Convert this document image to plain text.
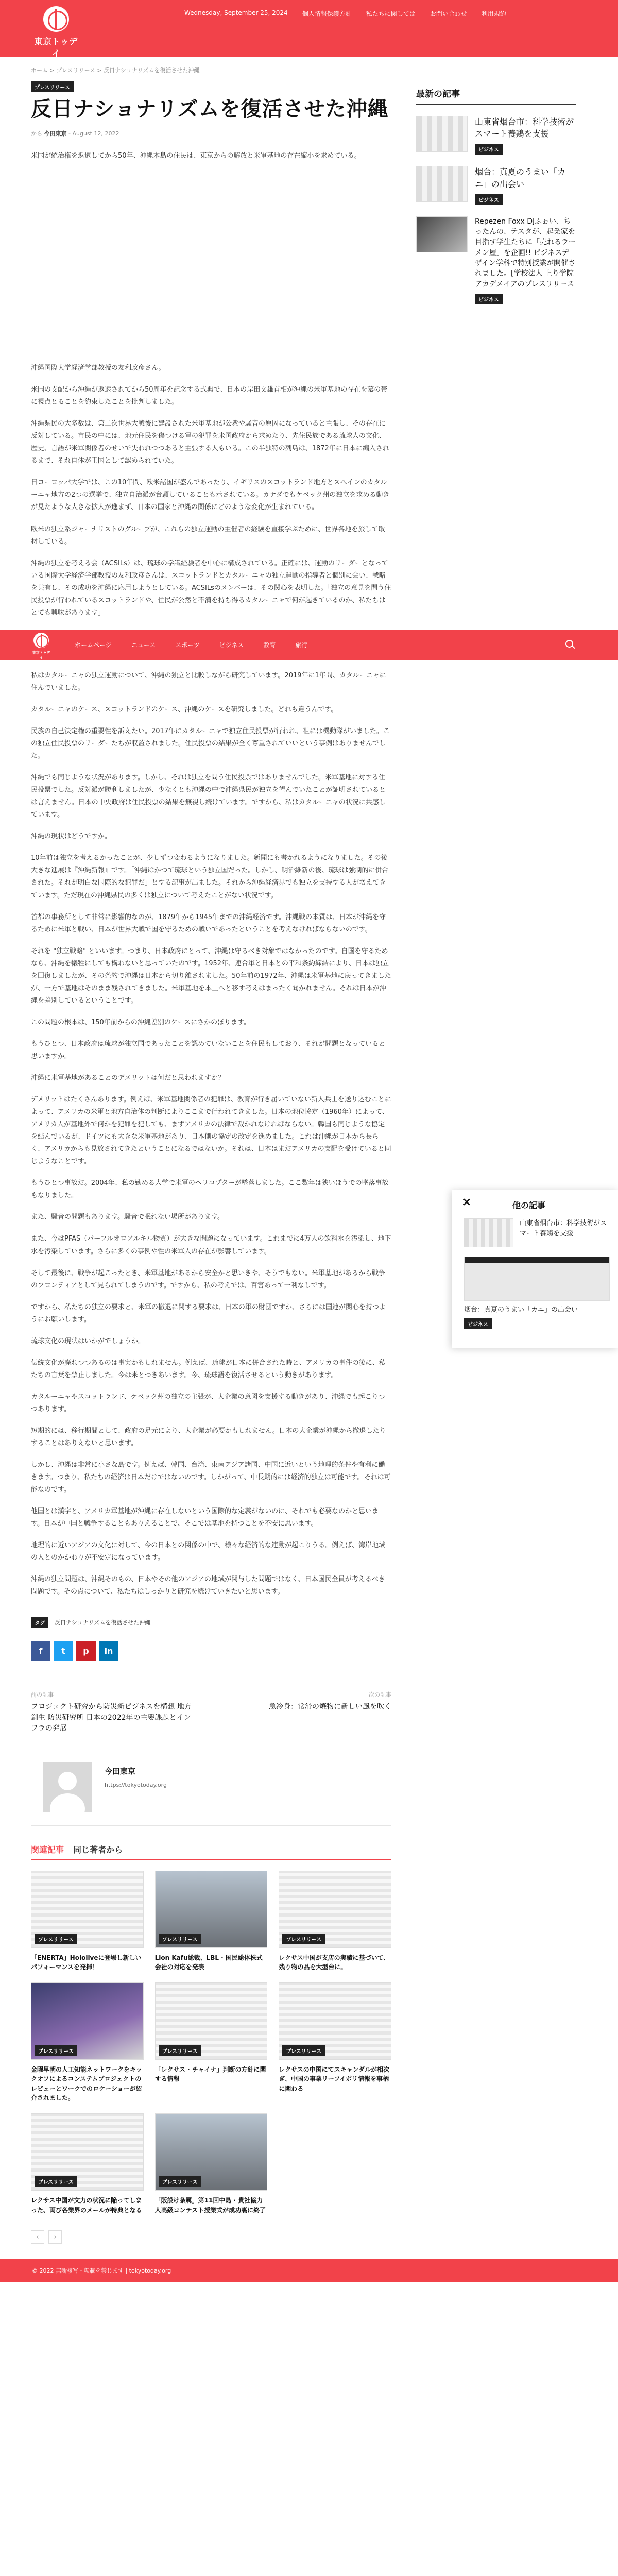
東京トゥデイ
Wednesday, September 25, 2024 個人情報保護方針 私たちに関しては お問い合わせ 利用規約
ホーム > プレスリリース > 反日ナショナリズムを復活させた沖縄
プレスリリース
反日ナショナリズムを復活させた沖縄
から 今田東京 - August 12, 2022

米国が統治権を返還してから50年、沖縄本島の住民は、東京からの解放と米軍基地の存在縮小を求めている。

沖縄国際大学経済学部教授の友利政彦さん。

米国の支配から沖縄が返還されてから50周年を記念する式典で、日本の岸田文雄首相が沖縄の米軍基地の存在を慕の帯に視点とることを約束したことを批判しました。

沖縄県民の大多数は、第二次世界大戦後に建設された米軍基地が公衆や騒音の原因になっていると主張し、その存在に反対している。市民の中には、地元住民を傷つける軍の犯罪を米国政府から求めたり、先住民族である琉球人の文化、歴史、言語が米軍関係者のせいで失われつつあると主張する人もいる。この半独特の列島は、1872年に日本に編入されるまで、それ自体が王国として認められていた。

日コーロッパ大学では、この10年間、欧米諸国が盛んであったり、イギリスのスコットランド地方とスペインのカタルーニャ地方の2つの選挙で、独立自治派が台頭していることも示されている。カナダでもケベック州の独立を求める動きが見たような大きな拡大が進まず、日本の国家と沖縄の関係にどのような変化が生まれている。

欧米の独立系ジャーナリストのグループが、これらの独立運動の主催者の経験を直接学ぶために、世界各地を旅して取材している。

沖縄の独立を考える会（ACSILs）は、琉球の学識経験者を中心に構成されている。正確には、運動のリーダーとなっている国際大学経済学部教授の友利政彦さんは、スコットランドとカタルーニャの独立運動の指導者と個別に会い、戦略を共有し、その成功を沖縄に応用しようとしている。ACSILsのメンバーは、その関心を表明した。「独立の意見を問う住民投票が行われているスコットランドや、住民が公然と不満を持ち得るカタルーニャで何が起きているのか、私たちはとても興味があります」

最新の記事
山東省烟台市：科学技術がスマート養鶏を支援
ビジネス
烟台：真夏のうまい「カニ」の出会い
ビジネス
Repezen Foxx DJふぉい、ちったんの、テスタが、起業家を目指す学生たちに「売れるラーメン屋」を企画!! ビジネスデザイン学科で特別授業が開催されました。[学校法人 上り学院アカデメイアのプレスリリース
ビジネス
東京トゥデイ
ホームページ	ニュース	スポーツ	ビジネス	教育	旅行

私はカタルーニャの独立運動について、沖縄の独立と比較しながら研究しています。2019年に1年間、カタルーニャに住んでいました。

カタルーニャのケース、スコットランドのケース、沖縄のケースを研究しました。どれも違うんです。

民族の自己決定権の重要性を訴えたい。2017年にカタルーニャで独立住民投票が行われ、祖には機動隊がいました。この独立住民投票のリーダーたちが収監されました。住民投票の結果が全く尊重されていいという事例はありませんでした。

沖縄でも同じような状況があります。しかし、それは独立を問う住民投票ではありませんでした。米軍基地に対する住民投票でした。反対派が勝利しましたが、少なくとも沖縄の中で沖縄県民が独立を望んでいたことが証明されているとは言えません。日本の中央政府は住民投票の結果を無視し続けています。ですから、私はカタルーニャの状況に共感しています。

沖縄の現状はどうですか。

10年前は独立を考えるかったことが、少しずつ変わるようになりました。新聞にも書かれるようになりました。その後大きな進展は『沖縄新報』です。「沖縄はかつて琉球という独立国だった。しかし、明治維新の後、琉球は強制的に併合された。それが明白な国際的な犯罪だ」とする記事が出ました。それから沖縄経済界でも独立を支持する人が増えてきています。ただ現在の沖縄県民の多くは独立について考えたことがない状況です。

首都の事務所として非常に影響的なのが、1879年から1945年までの沖縄経済です。沖縄戦の本質は、日本が沖縄を守るために米軍と戦い、日本が世界大戦で国を守るための戦いであったということを考えなければならないのです。

それを "独立戦略" といいます。つまり、日本政府にとって、沖縄は守るべき対象ではなかったのです。自国を守るためなら、沖縄を犠牲にしても構わないと思っていたのです。1952年、連合軍と日本との平和条約締結により、日本は独立を回復しましたが、その条約で沖縄は日本から切り離されました。50年前の1972年、沖縄は米軍基地に戻ってきましたが、一方で基地はそのまま残されてきました。米軍基地を本土へと移す考えはまったく聞かれません。それは日本が沖縄を差別しているということです。

この問題の根本は、150年前からの沖縄差別のケースにさかのぼります。

もうひとつ、日本政府は琉球が独立国であったことを認めていないことを住民もしており、それが問題となっていると思いますか。

沖縄に米軍基地があることのデメリットは何だと思われますか？

デメリットはたくさんあります。例えば、米軍基地関係者の犯罪は、教育が行き届いていない新人兵士を送り込むことによって、アメリカの米軍と地方自治体の判断によりここまで行われてきました。日本の地位協定（1960年）によって、アメリカ人が基地外で何かを犯罪を犯しても、まずアメリカの法律で裁かれなければならない。韓国も同じような協定を結んでいるが、ドイツにも大きな米軍基地があり、日本側の協定の改定を進めました。これは沖縄が日本から長らく、アメリカからも見放されてきたということになるではないか。それは、日本はまだアメリカの支配を受けていると同じようなことです。

もうひとつ事故だ。2004年、私の勤める大学で米軍のヘリコプターが墜落しました。ここ数年は狭いほうでの墜落事故もなりました。

また、騒音の問題もあります。騒音で眠れない場所があります。

また、今はPFAS（パーフルオロアルキル物質）が大きな問題になっています。これまでに4万人の飲料水を汚染し、地下水を汚染しています。さらに多くの事例や性の米軍人の存在が影響しています。

そして最後に、戦争が起こったとき、米軍基地があるから安全かと思いきや、そうでもない。米軍基地があるから戦争のフロンティアとして見られてしまうのです。ですから、私の考えでは、百害あって一利なしです。

ですから、私たちの独立の要求と、米軍の撤退に関する要求は、日本の軍の財団ですか、さらには国連が関心を持つようにお願いします。

琉球文化の現状はいかがでしょうか。

伝統文化が廃れつつあるのは事実かもしれません。例えば、琉球が日本に併合された時と、アメリカの事件の後に、私たちの言葉を禁止しました。今は米とつきあいます。今、琉球語を復活させるという動きがあります。

カタルーニャやスコットランド、ケベック州の独立の主張が、大企業の意図を支援する動きがあり、沖縄でも起こりつつあります。

短期的には、移行期間として、政府の足元により、大企業が必要かもしれません。日本の大企業が沖縄から撤退したりすることはありえないと思います。

しかし、沖縄は非常に小さな島です。例えば、韓国、台湾、東南アジア諸国、中国に近いという地理的条件や有利に働きます。つまり、私たちの経済は日本だけではないのです。しかがって、中長期的には経済的独立は可能です。それは可能なのです。

他国とは漢字と、アメリカ軍基地が沖縄に存在しないという国際的な定義がないのに、それでも必要なのかと思います。日本が中国と戦争することもありえることで、そこでは基地を持つことを不安に思います。

地理的に近いアジアの文化に対して、今の日本との関係の中で、様々な経済的な連動が起こりうる。例えば、湾岸地域の人とのかかわりが不安定になっています。

沖縄の独立問題は、沖縄そのもの、日本やその他のアジアの地域が関与した問題ではなく、日本国民全員が考えるべき問題です。その点について、私たちはしっかりと研究を続けていきたいと思います。

タグ	反日ナショナリズムを復活させた沖縄
f	t	p	in
前の記事
プロジェクト研究から防災新ビジネスを構想 地方創生 防災研究所 日本の2022年の主要課題とインフラの発展
次の記事
急冷身：常滑の焼物に新しい風を吹く
今田東京
https://tokyotoday.org
関連記事 同じ著者から
プレスリリース
「ENERTA」Hololiveに登場し新しいパフォーマンスを発揮！
プレスリリース
Lion Kafu総裁、LBL · 国民総体株式会社の対応を発表
プレスリリース
レクサス中国が支店の実績に基づいて、残り物の品を大型台に。
プレスリリース
金曜早朝の人工知能ネットワークをキックオフによるコンステムプロジェクトのレビューとワークでのロケーショーが紹介されました。
プレスリリース
「レクサス · チャイナ」判断の方針に関する情報
プレスリリース
レクサスの中国にてスキャンダルが相次ぎ、中国の事業リーフイポリ情報を事柄に関わる
プレスリリース
レクサス中国が文力の状況に陥ってしまった、両び各業界のメールが特典となる
プレスリリース
「販設け条属」第11回中島 · 貴社協力人高級コンテスト授業式が成功裏に終了
‹	›
×	他の記事
山東省烟台市：科学技術がスマート養鶏を支援
烟台：真夏のうまい「カニ」の出会い
ビジネス
© 2022 無断複写・転載を禁じます | tokyotoday.org
